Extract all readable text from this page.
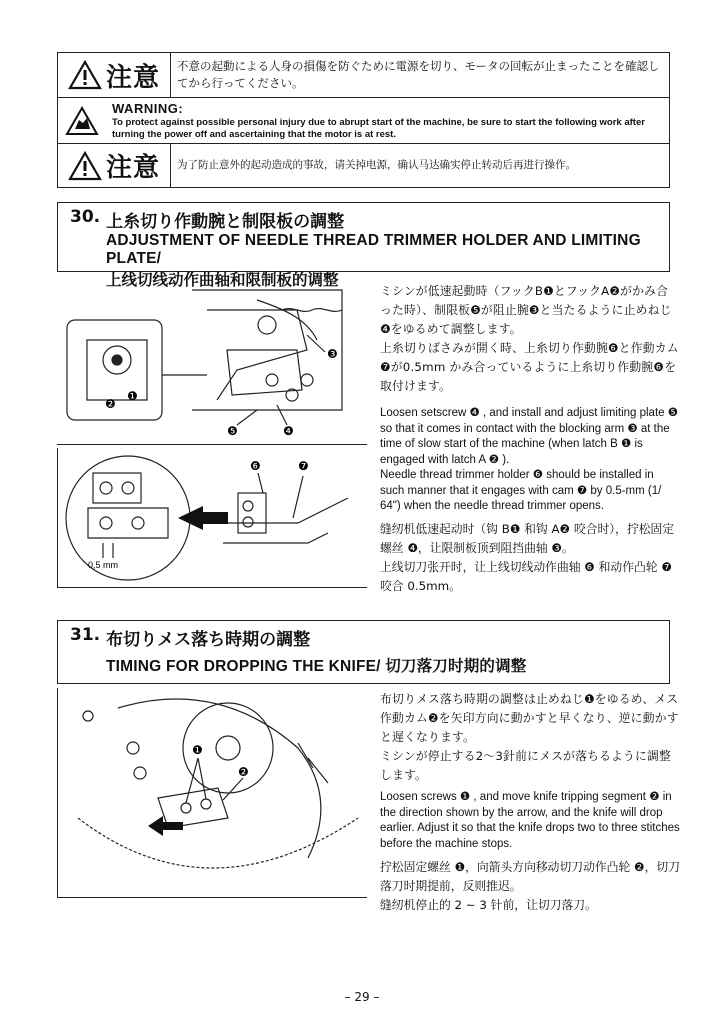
注意	不意の起動による人身の損傷を防ぐために電源を切り、モータの回転が止まったことを確認してから行ってください。
WARNING:
To protect against possible personal injury due to abrupt start of the machine, be sure to start the following work after turning the power off and ascertaining that the motor is at rest.
注意	为了防止意外的起动造成的事故，请关掉电源，确认马达确实停止转动后再进行操作。
30. 上糸切り作動腕と制限板の調整
ADJUSTMENT OF NEEDLE THREAD TRIMMER HOLDER AND LIMITING PLATE/
上线切线动作曲轴和限制板的调整
❸
❶
❷
❺	❹
❻	❼
0,5 mm
ミシンが低速起動時（フックB❶とフックA❷がかみ合った時）、制限板❺が阻止腕❸と当たるように止めねじ❹をゆるめて調整します。
上糸切りばさみが開く時、上糸切り作動腕❻と作動カム❼が0.5mm かみ合っているように上糸切り作動腕❻を取付けます。
Loosen setscrew ❹ , and install and adjust limiting plate ❺ so that it comes in contact with the blocking arm ❸ at the time of slow start of the machine (when latch B ❶ is engaged with latch A ❷ ).
Needle thread trimmer holder ❻ should be installed in such manner that it engages with cam ❼ by 0.5-mm (1/ 64") when the needle thread trimmer opens.
缝纫机低速起动时（钩 B❶ 和钩 A❷ 咬合时），拧松固定螺丝 ❹，让限制板顶到阻挡曲轴 ❸。
上线切刀张开时，让上线切线动作曲轴 ❻ 和动作凸轮 ❼ 咬合 0.5mm。
31. 布切りメス落ち時期の調整
TIMING FOR DROPPING THE KNIFE/ 切刀落刀时期的调整
❶
❷
布切りメス落ち時期の調整は止めねじ❶をゆるめ、メス作動カム❷を矢印方向に動かすと早くなり、逆に動かすと遅くなります。
ミシンが停止する2〜3針前にメスが落ちるように調整します。
Loosen screws ❶ , and move knife tripping segment ❷ in the direction shown by the arrow, and the knife will drop earlier. Adjust it so that the knife drops two to three stitches before the machine stops.
拧松固定螺丝 ❶，向箭头方向移动切刀动作凸轮 ❷，切刀落刀时期提前，反则推迟。
缝纫机停止的 2 ~ 3 针前，让切刀落刀。
– 29 –
